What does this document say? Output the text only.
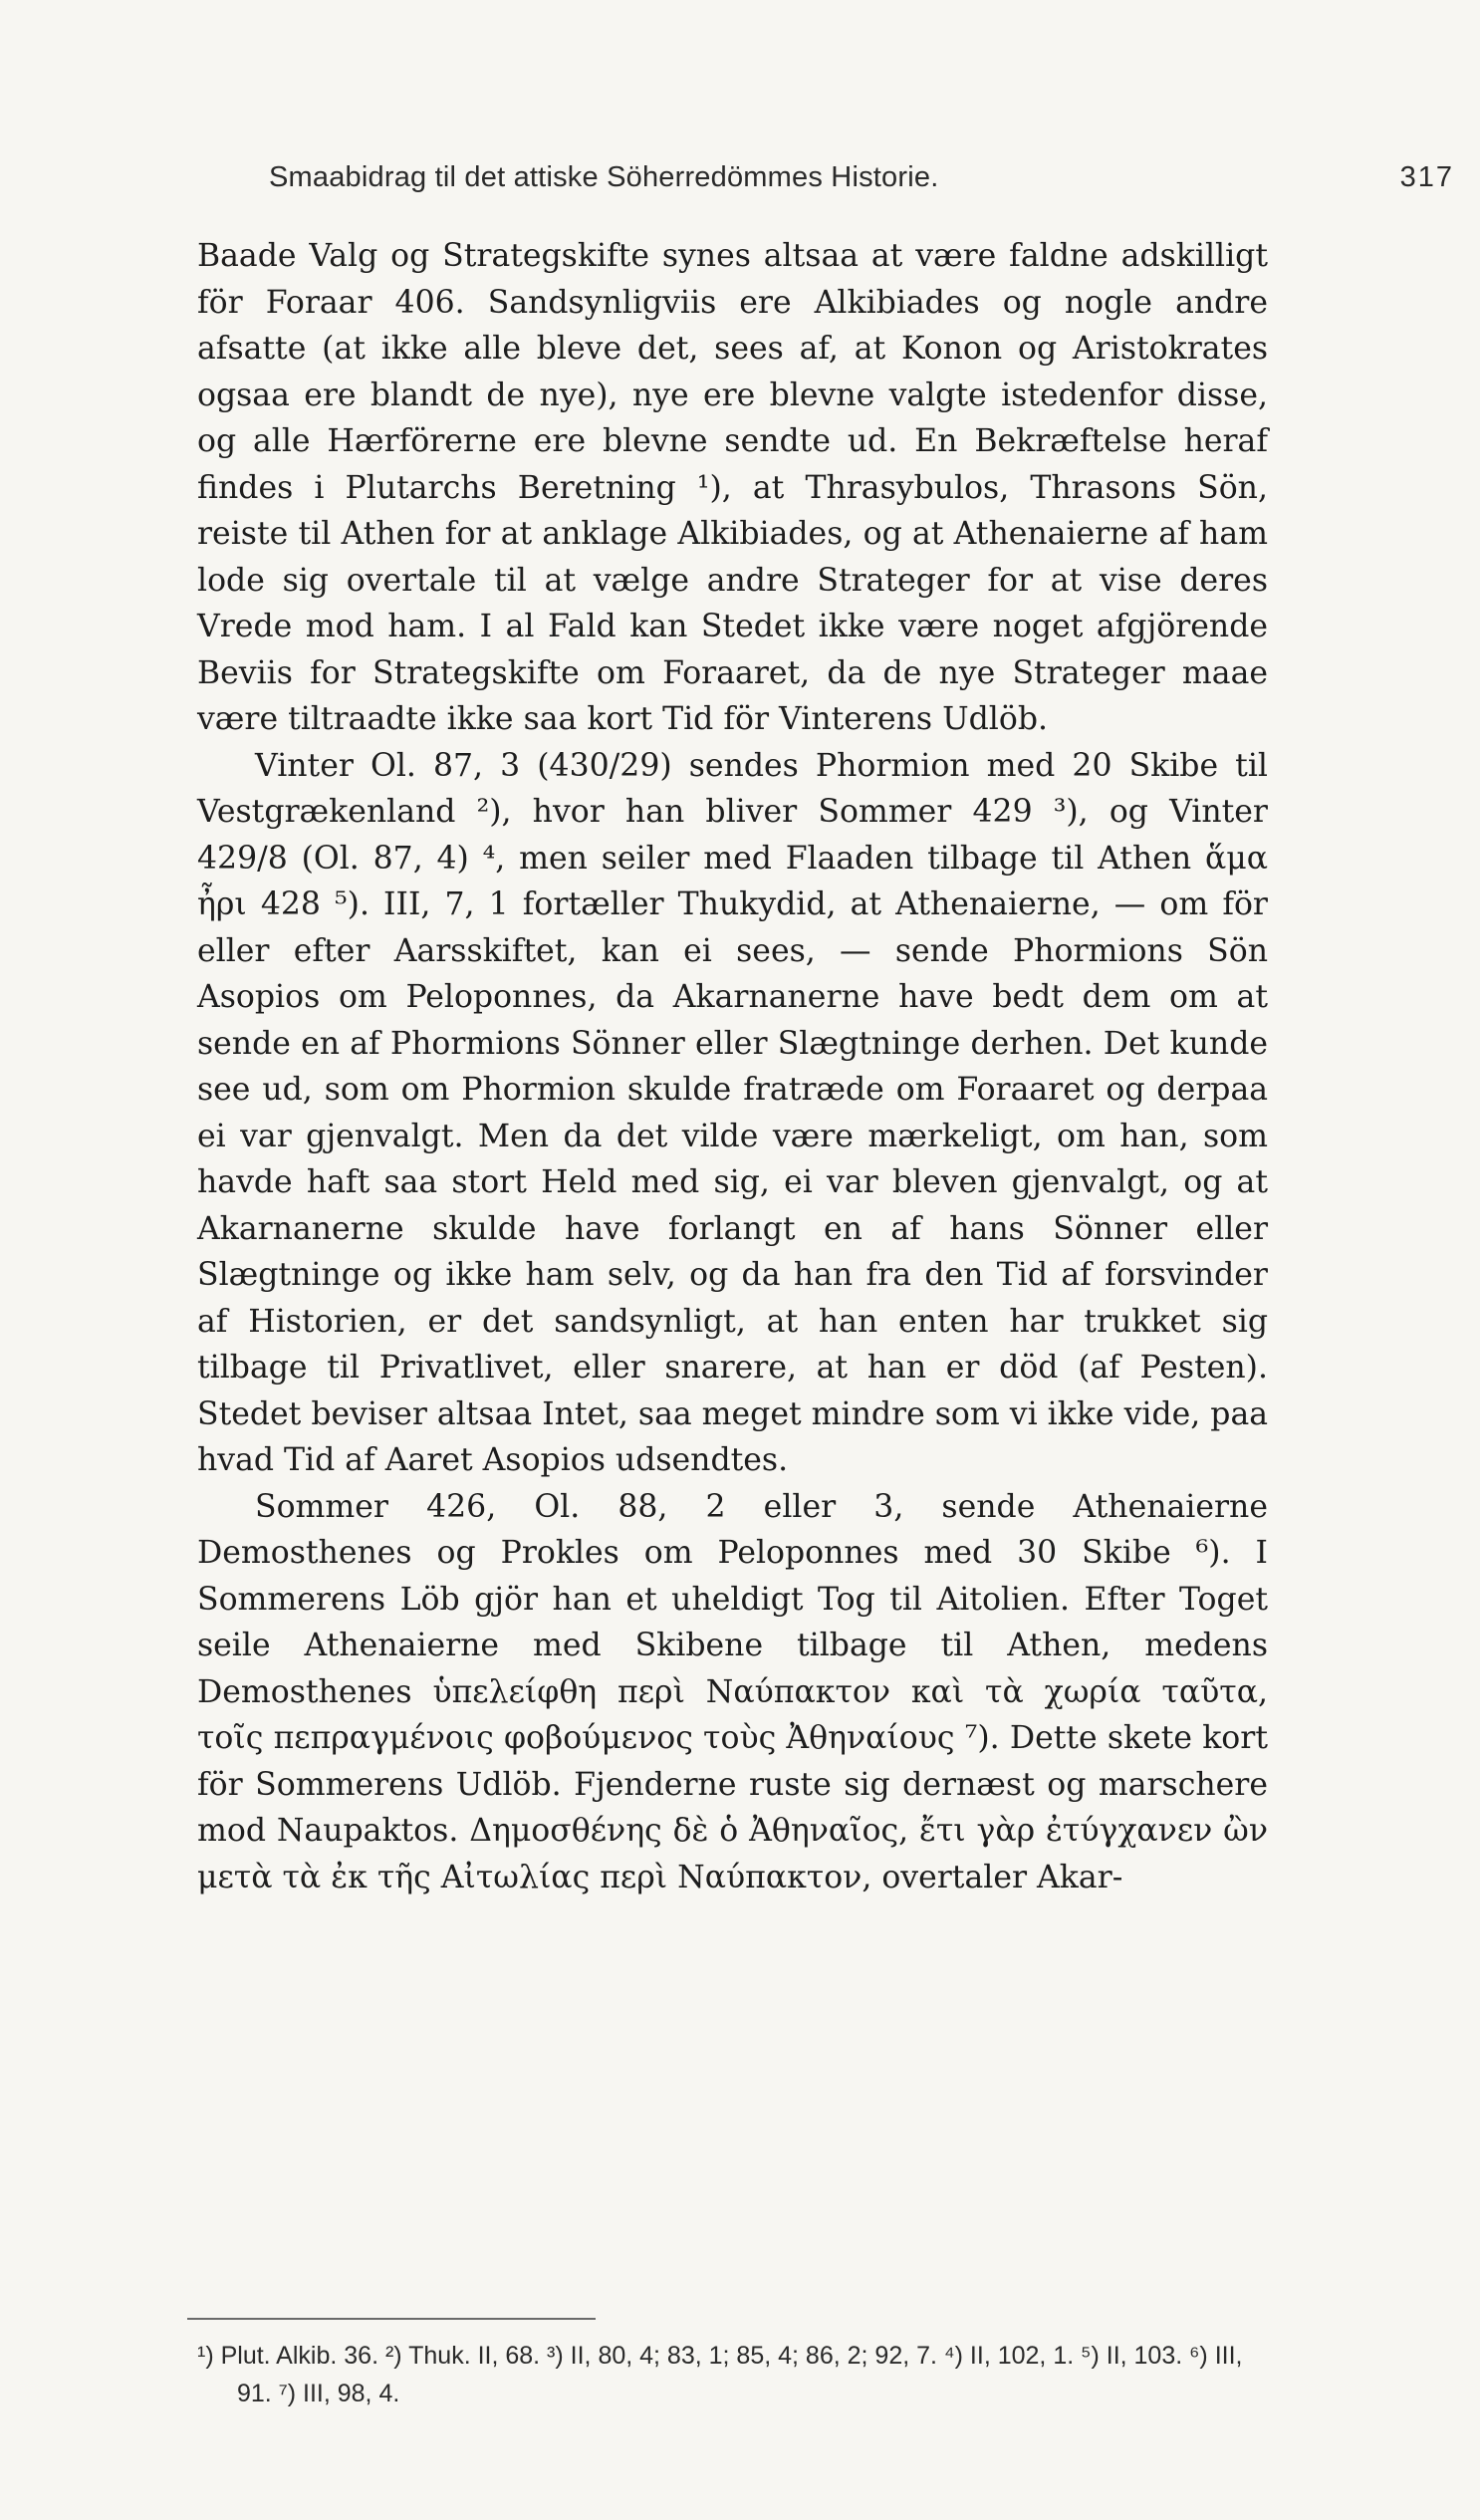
Smaabidrag til det attiske Söherredömmes Historie.	317

Baade Valg og Strategskifte synes altsaa at være faldne adskilligt för Foraar 406. Sandsynligviis ere Alkibiades og nogle andre afsatte (at ikke alle bleve det, sees af, at Konon og Aristokrates ogsaa ere blandt de nye), nye ere blevne valgte istedenfor disse, og alle Hærförerne ere blevne sendte ud. En Bekræftelse heraf findes i Plutarchs Beretning ¹), at Thrasybulos, Thrasons Sön, reiste til Athen for at anklage Alkibiades, og at Athenaierne af ham lode sig overtale til at vælge andre Strateger for at vise deres Vrede mod ham. I al Fald kan Stedet ikke være noget afgjörende Beviis for Strategskifte om Foraaret, da de nye Strateger maae være tiltraadte ikke saa kort Tid för Vinterens Udlöb.

Vinter Ol. 87, 3 (430/29) sendes Phormion med 20 Skibe til Vestgrækenland ²), hvor han bliver Sommer 429 ³), og Vinter 429/8 (Ol. 87, 4) ⁴, men seiler med Flaaden tilbage til Athen ἅμα ἦρι 428 ⁵). III, 7, 1 fortæller Thukydid, at Athenaierne, — om för eller efter Aarsskiftet, kan ei sees, — sende Phormions Sön Asopios om Peloponnes, da Akarnanerne have bedt dem om at sende en af Phormions Sönner eller Slægtninge derhen. Det kunde see ud, som om Phormion skulde fratræde om Foraaret og derpaa ei var gjenvalgt. Men da det vilde være mærkeligt, om han, som havde haft saa stort Held med sig, ei var bleven gjenvalgt, og at Akarnanerne skulde have forlangt en af hans Sönner eller Slægtninge og ikke ham selv, og da han fra den Tid af forsvinder af Historien, er det sandsynligt, at han enten har trukket sig tilbage til Privatlivet, eller snarere, at han er död (af Pesten). Stedet beviser altsaa Intet, saa meget mindre som vi ikke vide, paa hvad Tid af Aaret Asopios udsendtes.

Sommer 426, Ol. 88, 2 eller 3, sende Athenaierne Demosthenes og Prokles om Peloponnes med 30 Skibe ⁶). I Sommerens Löb gjör han et uheldigt Tog til Aitolien. Efter Toget seile Athenaierne med Skibene tilbage til Athen, medens Demosthenes ὑπελείφθη περὶ Ναύπακτον καὶ τὰ χωρία ταῦτα, τοῖς πεπραγμένοις φοβούμενος τοὺς Ἀθηναίους ⁷). Dette skete kort för Sommerens Udlöb. Fjenderne ruste sig dernæst og marschere mod Naupaktos. Δημοσθένης δὲ ὁ Ἀθηναῖος, ἔτι γὰρ ἐτύγχανεν ὢν μετὰ τὰ ἐκ τῆς Αἰτωλίας περὶ Ναύπακτον, overtaler Akar-

¹) Plut. Alkib. 36. ²) Thuk. II, 68. ³) II, 80, 4; 83, 1; 85, 4; 86, 2; 92, 7. ⁴) II, 102, 1. ⁵) II, 103. ⁶) III, 91. ⁷) III, 98, 4.
